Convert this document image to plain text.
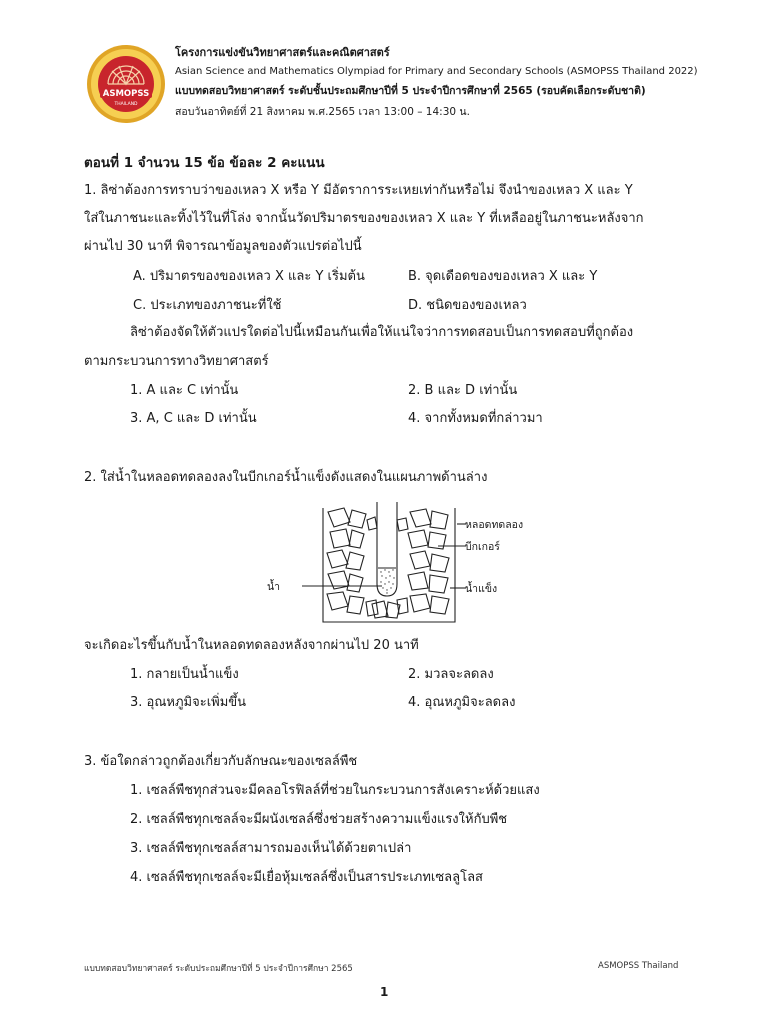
ASMOPSS
THAILAND
โครงการแข่งขันวิทยาศาสตร์และคณิตศาสตร์
Asian Science and Mathematics Olympiad for Primary and Secondary Schools (ASMOPSS Thailand 2022)
แบบทดสอบวิทยาศาสตร์ ระดับชั้นประถมศึกษาปีที่ 5 ประจำปีการศึกษาที่ 2565 (รอบคัดเลือกระดับชาติ)
สอบวันอาทิตย์ที่ 21 สิงหาคม พ.ศ.2565 เวลา 13:00 – 14:30 น.
ตอนที่ 1 จำนวน 15 ข้อ ข้อละ 2 คะแนน
1. ลิซ่าต้องการทราบว่าของเหลว X หรือ Y มีอัตราการระเหยเท่ากันหรือไม่ จึงนำของเหลว X และ Y
ใส่ในภาชนะและทิ้งไว้ในที่โล่ง จากนั้นวัดปริมาตรของของเหลว X และ Y ที่เหลืออยู่ในภาชนะหลังจาก
ผ่านไป 30 นาที พิจารณาข้อมูลของตัวแปรต่อไปนี้
A. ปริมาตรของของเหลว X และ Y เริ่มต้น	B. จุดเดือดของของเหลว X และ Y
C. ประเภทของภาชนะที่ใช้	D. ชนิดของของเหลว
ลิซ่าต้องจัดให้ตัวแปรใดต่อไปนี้เหมือนกันเพื่อให้แน่ใจว่าการทดสอบเป็นการทดสอบที่ถูกต้อง
ตามกระบวนการทางวิทยาศาสตร์
1. A และ C เท่านั้น	2. B และ D เท่านั้น
3. A, C และ D เท่านั้น	4. จากทั้งหมดที่กล่าวมา
2. ใส่น้ำในหลอดทดลองลงในบีกเกอร์น้ำแข็งดังแสดงในแผนภาพด้านล่าง
หลอดทดลอง
บีกเกอร์
น้ำ	น้ำแข็ง
จะเกิดอะไรขึ้นกับน้ำในหลอดทดลองหลังจากผ่านไป 20 นาที
1. กลายเป็นน้ำแข็ง	2. มวลจะลดลง
3. อุณหภูมิจะเพิ่มขึ้น	4. อุณหภูมิจะลดลง
3. ข้อใดกล่าวถูกต้องเกี่ยวกับลักษณะของเซลล์พืช
1. เซลล์พืชทุกส่วนจะมีคลอโรฟิลล์ที่ช่วยในกระบวนการสังเคราะห์ด้วยแสง
2. เซลล์พืชทุกเซลล์จะมีผนังเซลล์ซึ่งช่วยสร้างความแข็งแรงให้กับพืช
3. เซลล์พืชทุกเซลล์สามารถมองเห็นได้ด้วยตาเปล่า
4. เซลล์พืชทุกเซลล์จะมีเยื่อหุ้มเซลล์ซึ่งเป็นสารประเภทเซลลูโลส
แบบทดสอบวิทยาศาสตร์ ระดับประถมศึกษาปีที่ 5 ประจำปีการศึกษา 2565	ASMOPSS Thailand
1
